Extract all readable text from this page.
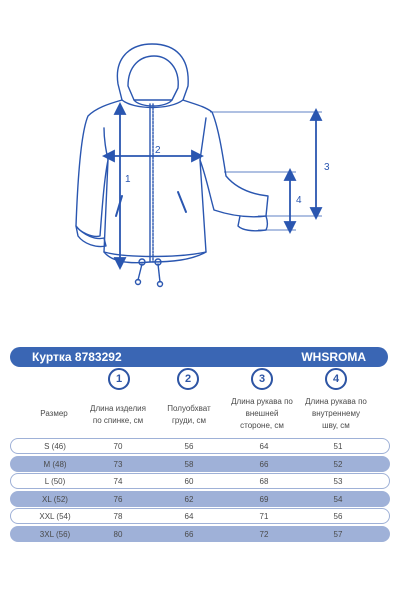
1
2
3
4
Куртка 8783292	WHSROMA
1	2	3	4
Размер
Длина изделия
по спинке, см
Полуобхват
груди, см
Длина рукава по
внешней
стороне, см
Длина рукава по
внутреннему
шву, см
S (46)	70	56	64	51
M (48)	73	58	66	52
L (50)	74	60	68	53
XL (52)	76	62	69	54
XXL (54)	78	64	71	56
3XL (56)	80	66	72	57
